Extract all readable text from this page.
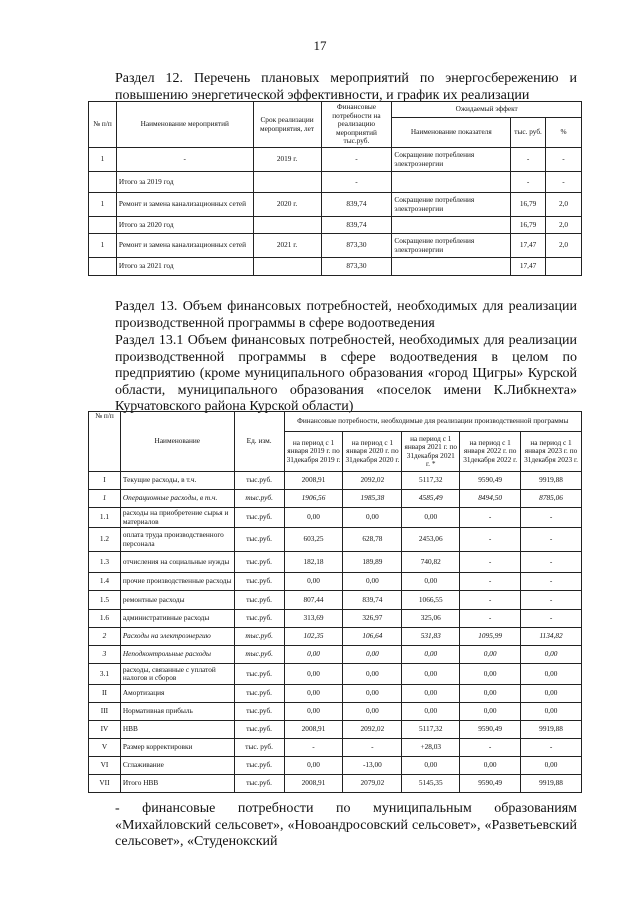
17
Раздел 12. Перечень плановых мероприятий по энергосбережению и повышению энергетической эффективности, и график их реализации
№ п/п	Наименование мероприятий	Срок реализации мероприятия, лет	Финансовые потребности на реализацию мероприятий тыс.руб.	Ожидаемый эффект		
				Наименование показателя	тыс. руб.	%
1	-	2019 г.	-	Сокращение потребления электроэнергии	-	-
	Итого за 2019 год		-		-	-
1	Ремонт и замена канализационных сетей	2020 г.	839,74	Сокращение потребления электроэнергии	16,79	2,0
	Итого за 2020 год		839,74		16,79	2,0
1	Ремонт и замена канализационных сетей	2021 г.	873,30	Сокращение потребления электроэнергии	17,47	2,0
	Итого за 2021 год		873,30		17,47	
Раздел 13. Объем финансовых потребностей, необходимых для реализации производственной программы в сфере водоотведения
Раздел 13.1 Объем финансовых потребностей, необходимых для реализации производственной программы в сфере водоотведения в целом по предприятию (кроме муниципального образования «город Щигры» Курской области, муниципального образования «поселок имени К.Либкнехта» Курчатовского района Курской области)
№ п/п	Наименование	Ед. изм.	Финансовые потребности, необходимые для реализации производственной программы				
			на период с 1 января 2019 г. по 31декабря 2019 г.	на период с 1 января 2020 г. по 31декабря 2020 г.	на период с 1 января 2021 г. по 31декабря 2021 г. *	на период с 1 января 2022 г. по 31декабря 2022 г.	на период с 1 января 2023 г. по 31декабря 2023 г.
I	Текущие расходы, в т.ч.	тыс.руб.	2008,91	2092,02	5117,32	9590,49	9919,88
1	Операционные расходы, в т.ч.	тыс.руб.	1906,56	1985,38	4585,49	8494,50	8785,06
1.1	расходы на приобретение сырья и материалов	тыс.руб.	0,00	0,00	0,00	-	-
1.2	оплата труда производственного персонала	тыс.руб.	603,25	628,78	2453,06	-	-
1.3	отчисления на социальные нужды	тыс.руб.	182,18	189,89	740,82	-	-
1.4	прочие производственные расходы	тыс.руб.	0,00	0,00	0,00	-	-
1.5	ремонтные расходы	тыс.руб.	807,44	839,74	1066,55	-	-
1.6	административные расходы	тыс.руб.	313,69	326,97	325,06	-	-
2	Расходы на электроэнергию	тыс.руб.	102,35	106,64	531,83	1095,99	1134,82
3	Неподконтрольные расходы	тыс.руб.	0,00	0,00	0,00	0,00	0,00
3.1	расходы, связанные с уплатой налогов и сборов	тыс.руб.	0,00	0,00	0,00	0,00	0,00
II	Амортизация	тыс.руб.	0,00	0,00	0,00	0,00	0,00
III	Нормативная прибыль	тыс.руб.	0,00	0,00	0,00	0,00	0,00
IV	НВВ	тыс.руб.	2008,91	2092,02	5117,32	9590,49	9919,88
V	Размер корректировки	тыс. руб.	-	-	+28,03	-	-
VI	Сглаживание	тыс.руб.	0,00	-13,00	0,00	0,00	0,00
VII	Итого НВВ	тыс.руб.	2008,91	2079,02	5145,35	9590,49	9919,88
- финансовые потребности по муниципальным образованиям «Михайловский сельсовет», «Новоандросовский сельсовет», «Разветьевский сельсовет», «Студенокский
